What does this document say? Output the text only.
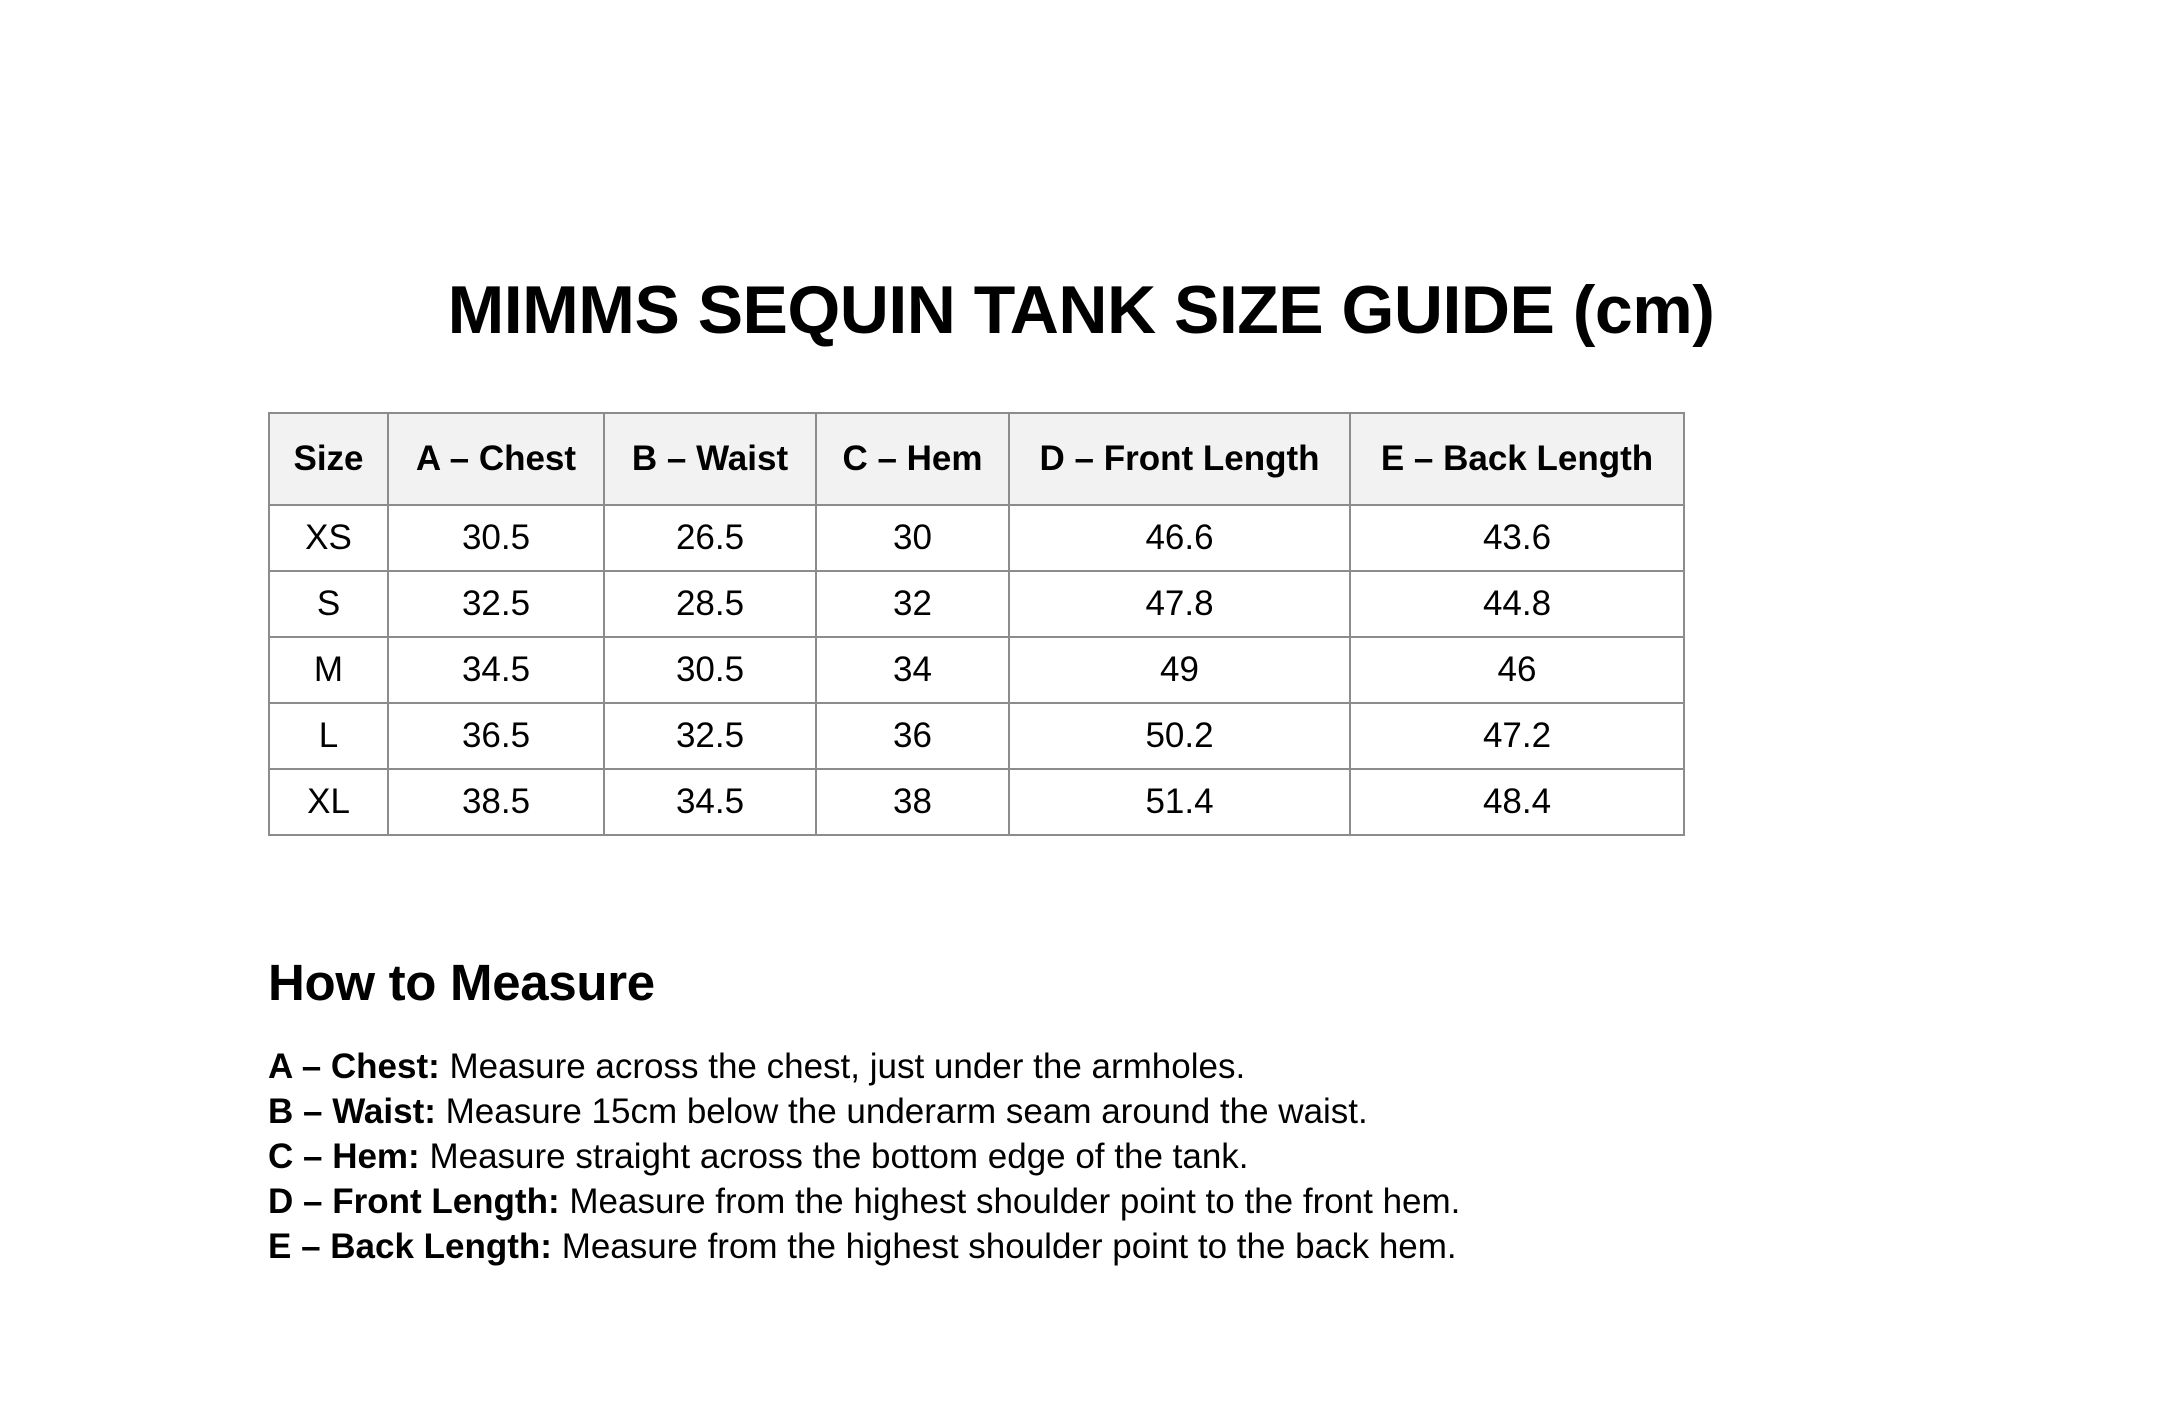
MIMMS SEQUIN TANK SIZE GUIDE (cm)
Size	A – Chest	B – Waist	C – Hem	D – Front Length	E – Back Length
XS	30.5	26.5	30	46.6	43.6
S	32.5	28.5	32	47.8	44.8
M	34.5	30.5	34	49	46
L	36.5	32.5	36	50.2	47.2
XL	38.5	34.5	38	51.4	48.4
How to Measure
A – Chest: Measure across the chest, just under the armholes.
B – Waist: Measure 15cm below the underarm seam around the waist.
C – Hem: Measure straight across the bottom edge of the tank.
D – Front Length: Measure from the highest shoulder point to the front hem.
E – Back Length: Measure from the highest shoulder point to the back hem.
